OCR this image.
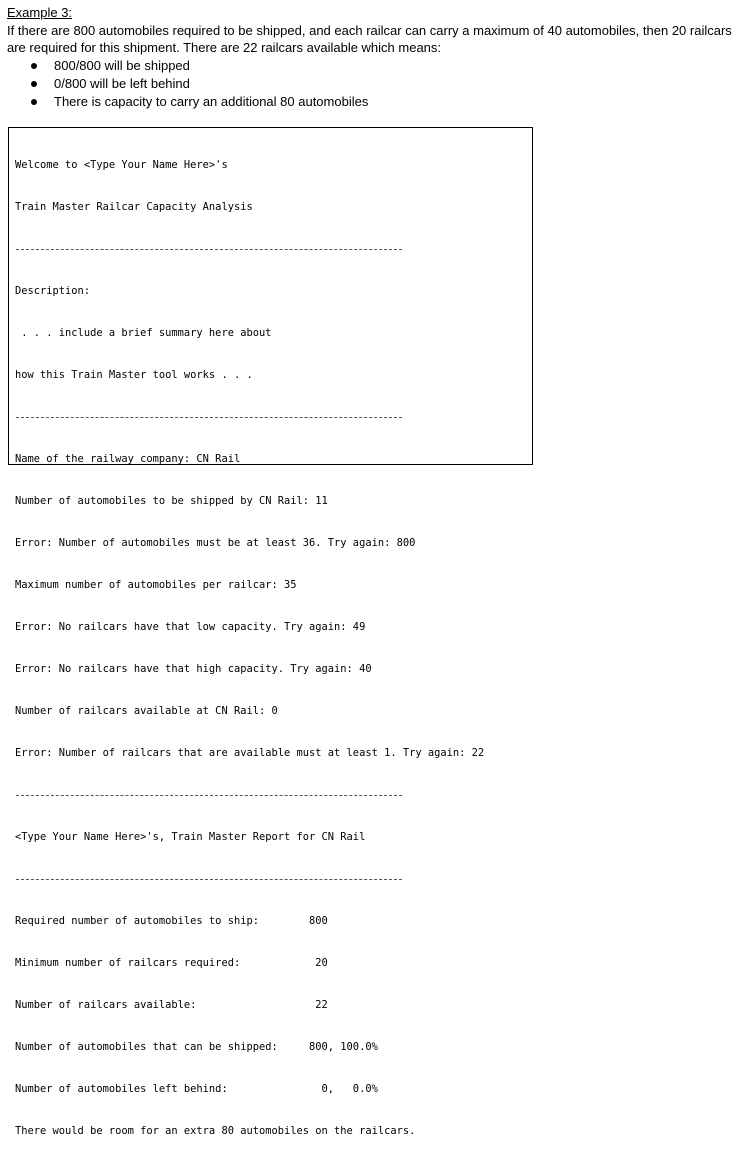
Example 3:

If there are 800 automobiles required to be shipped, and each railcar can carry a maximum of 40 automobiles, then 20 railcars

are required for this shipment. There are 22 railcars available which means:

800/800 will be shipped
0/800 will be left behind
There is capacity to carry an additional 80 automobiles

Welcome to <Type Your Name Here>'s

Train Master Railcar Capacity Analysis

Description:

. . . include a brief summary here about

how this Train Master tool works . . .

Name of the railway company: CN Rail

Number of automobiles to be shipped by CN Rail: 11

Error: Number of automobiles must be at least 36. Try again: 800

Maximum number of automobiles per railcar: 35

Error: No railcars have that low capacity. Try again: 49

Error: No railcars have that high capacity. Try again: 40

Number of railcars available at CN Rail: 0

Error: Number of railcars that are available must at least 1. Try again: 22

<Type Your Name Here>'s, Train Master Report for CN Rail

Required number of automobiles to ship:        800

Minimum number of railcars required:            20

Number of railcars available:                   22

Number of automobiles that can be shipped:     800, 100.0%

Number of automobiles left behind:               0,   0.0%

There would be room for an extra 80 automobiles on the railcars.
